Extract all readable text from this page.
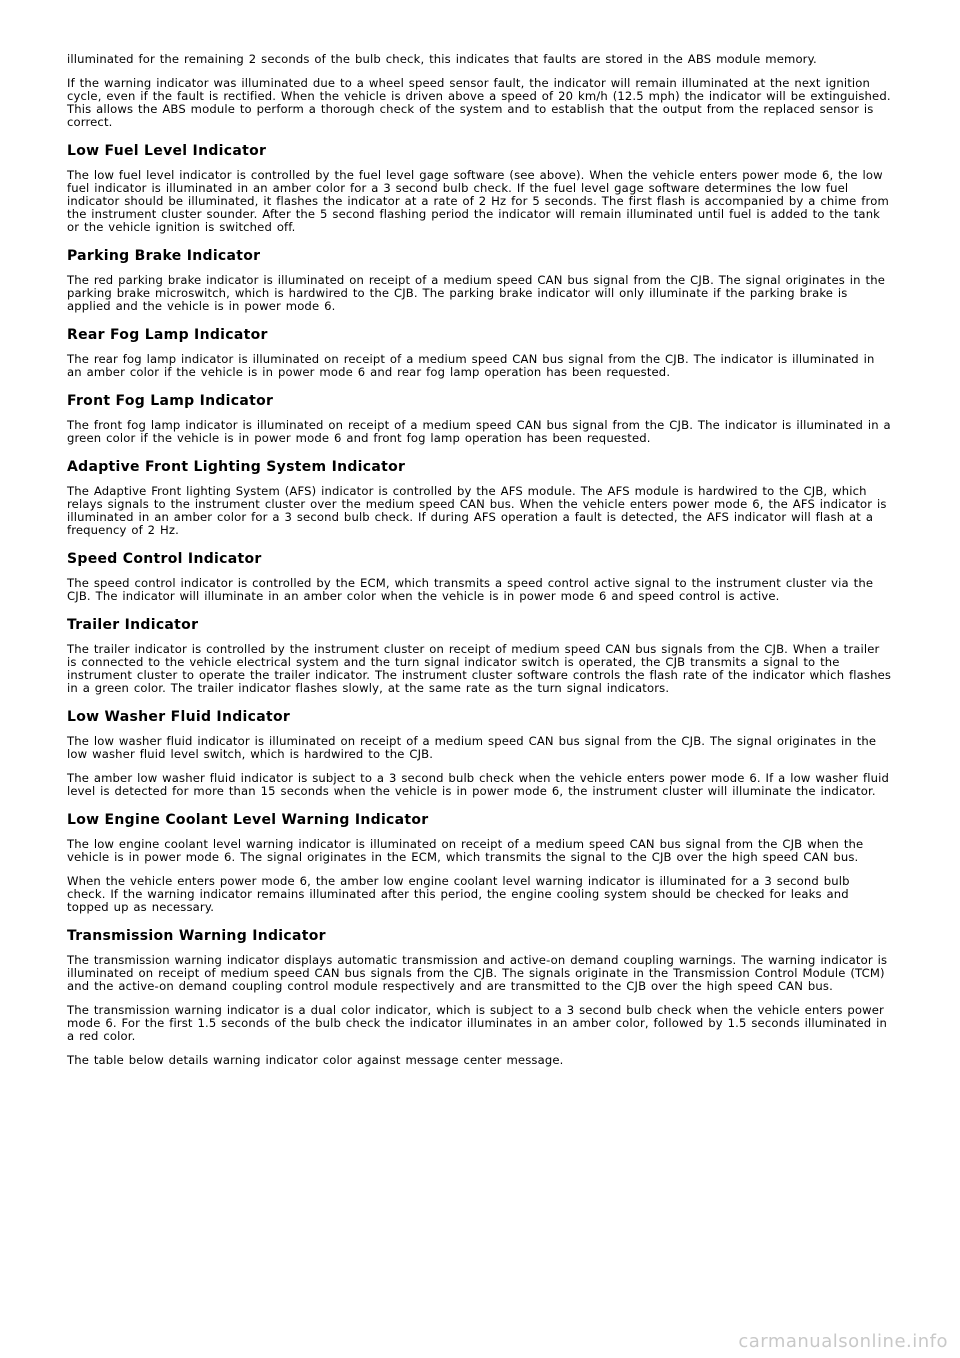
illuminated for the remaining 2 seconds of the bulb check, this indicates that faults are stored in the ABS module memory.

If the warning indicator was illuminated due to a wheel speed sensor fault, the indicator will remain illuminated at the next ignition cycle, even if the fault is rectified. When the vehicle is driven above a speed of 20 km/h (12.5 mph) the indicator will be extinguished. This allows the ABS module to perform a thorough check of the system and to establish that the output from the replaced sensor is correct.

Low Fuel Level Indicator

The low fuel level indicator is controlled by the fuel level gage software (see above). When the vehicle enters power mode 6, the low fuel indicator is illuminated in an amber color for a 3 second bulb check. If the fuel level gage software determines the low fuel indicator should be illuminated, it flashes the indicator at a rate of 2 Hz for 5 seconds. The first flash is accompanied by a chime from the instrument cluster sounder. After the 5 second flashing period the indicator will remain illuminated until fuel is added to the tank or the vehicle ignition is switched off.

Parking Brake Indicator

The red parking brake indicator is illuminated on receipt of a medium speed CAN bus signal from the CJB. The signal originates in the parking brake microswitch, which is hardwired to the CJB. The parking brake indicator will only illuminate if the parking brake is applied and the vehicle is in power mode 6.

Rear Fog Lamp Indicator

The rear fog lamp indicator is illuminated on receipt of a medium speed CAN bus signal from the CJB. The indicator is illuminated in an amber color if the vehicle is in power mode 6 and rear fog lamp operation has been requested.

Front Fog Lamp Indicator

The front fog lamp indicator is illuminated on receipt of a medium speed CAN bus signal from the CJB. The indicator is illuminated in a green color if the vehicle is in power mode 6 and front fog lamp operation has been requested.

Adaptive Front Lighting System Indicator

The Adaptive Front lighting System (AFS) indicator is controlled by the AFS module. The AFS module is hardwired to the CJB, which relays signals to the instrument cluster over the medium speed CAN bus. When the vehicle enters power mode 6, the AFS indicator is illuminated in an amber color for a 3 second bulb check. If during AFS operation a fault is detected, the AFS indicator will flash at a frequency of 2 Hz.

Speed Control Indicator

The speed control indicator is controlled by the ECM, which transmits a speed control active signal to the instrument cluster via the CJB. The indicator will illuminate in an amber color when the vehicle is in power mode 6 and speed control is active.

Trailer Indicator

The trailer indicator is controlled by the instrument cluster on receipt of medium speed CAN bus signals from the CJB. When a trailer is connected to the vehicle electrical system and the turn signal indicator switch is operated, the CJB transmits a signal to the instrument cluster to operate the trailer indicator. The instrument cluster software controls the flash rate of the indicator which flashes in a green color. The trailer indicator flashes slowly, at the same rate as the turn signal indicators.

Low Washer Fluid Indicator

The low washer fluid indicator is illuminated on receipt of a medium speed CAN bus signal from the CJB. The signal originates in the low washer fluid level switch, which is hardwired to the CJB.

The amber low washer fluid indicator is subject to a 3 second bulb check when the vehicle enters power mode 6. If a low washer fluid level is detected for more than 15 seconds when the vehicle is in power mode 6, the instrument cluster will illuminate the indicator.

Low Engine Coolant Level Warning Indicator

The low engine coolant level warning indicator is illuminated on receipt of a medium speed CAN bus signal from the CJB when the vehicle is in power mode 6. The signal originates in the ECM, which transmits the signal to the CJB over the high speed CAN bus.

When the vehicle enters power mode 6, the amber low engine coolant level warning indicator is illuminated for a 3 second bulb check. If the warning indicator remains illuminated after this period, the engine cooling system should be checked for leaks and topped up as necessary.

Transmission Warning Indicator

The transmission warning indicator displays automatic transmission and active-on demand coupling warnings. The warning indicator is illuminated on receipt of medium speed CAN bus signals from the CJB. The signals originate in the Transmission Control Module (TCM) and the active-on demand coupling control module respectively and are transmitted to the CJB over the high speed CAN bus.

The transmission warning indicator is a dual color indicator, which is subject to a 3 second bulb check when the vehicle enters power mode 6. For the first 1.5 seconds of the bulb check the indicator illuminates in an amber color, followed by 1.5 seconds illuminated in a red color.

The table below details warning indicator color against message center message.

carmanualsonline.info
